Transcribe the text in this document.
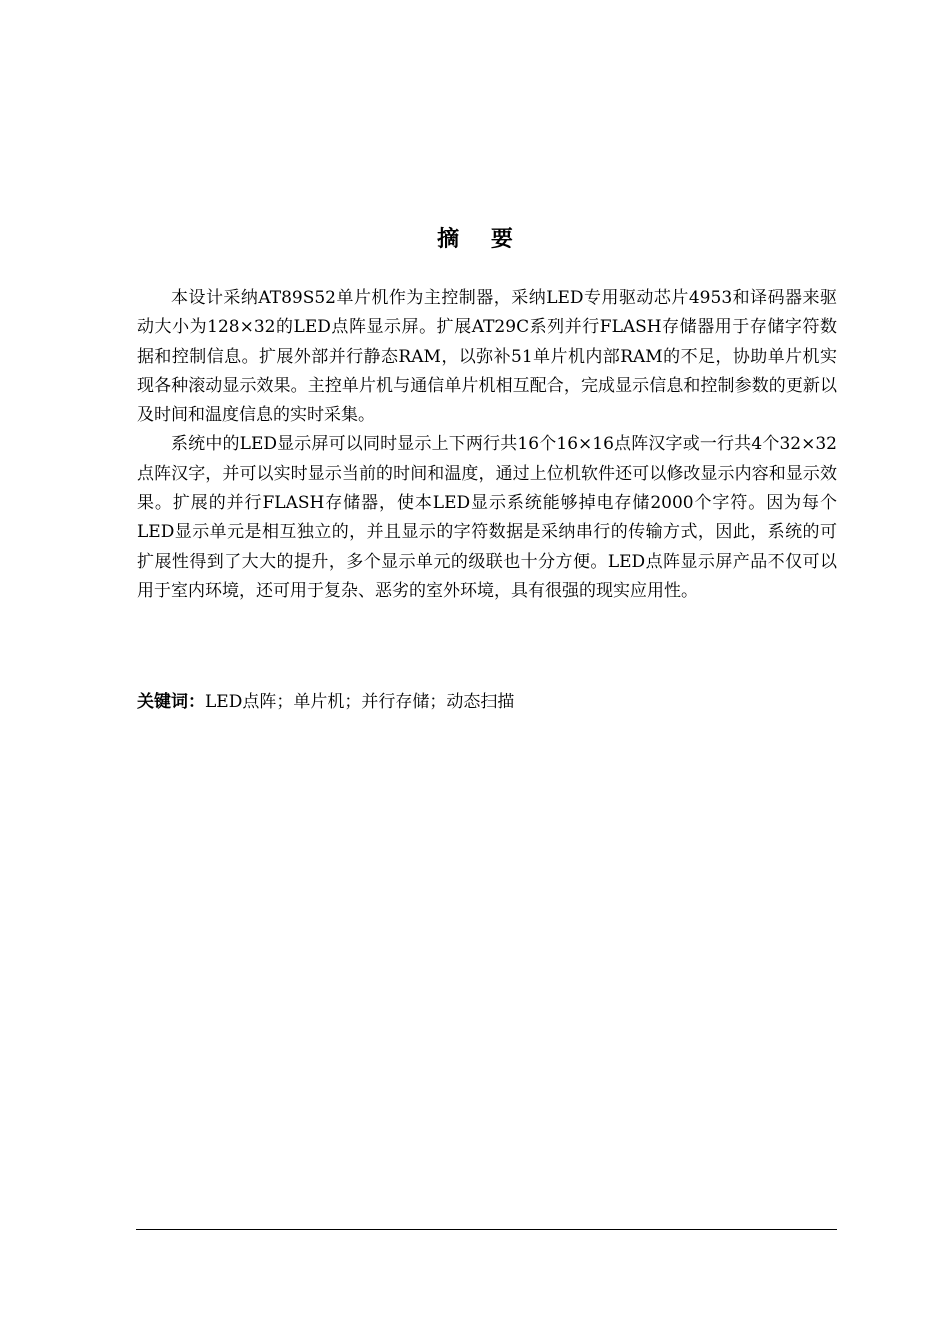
摘 要

本设计采纳AT89S52单片机作为主控制器，采纳LED专用驱动芯片4953和译码器来驱动大小为128×32的LED点阵显示屏。扩展AT29C系列并行FLASH存储器用于存储字符数据和控制信息。扩展外部并行静态RAM，以弥补51单片机内部RAM的不足，协助单片机实现各种滚动显示效果。主控单片机与通信单片机相互配合，完成显示信息和控制参数的更新以及时间和温度信息的实时采集。

系统中的LED显示屏可以同时显示上下两行共16个16×16点阵汉字或一行共4个32×32点阵汉字，并可以实时显示当前的时间和温度，通过上位机软件还可以修改显示内容和显示效果。扩展的并行FLASH存储器，使本LED显示系统能够掉电存储2000个字符。因为每个LED显示单元是相互独立的，并且显示的字符数据是采纳串行的传输方式，因此，系统的可扩展性得到了大大的提升，多个显示单元的级联也十分方便。LED点阵显示屏产品不仅可以用于室内环境，还可用于复杂、恶劣的室外环境，具有很强的现实应用性。

关键词：LED点阵；单片机；并行存储；动态扫描
